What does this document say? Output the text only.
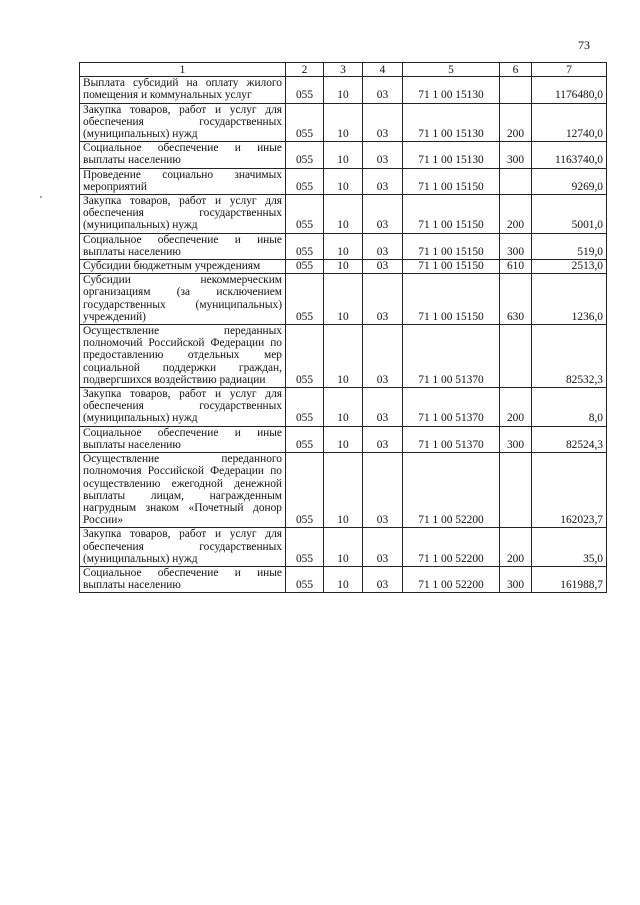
73
1	2	3	4	5	6	7
Выплата субсидий на оплату жилого помещения и коммунальных услуг	055	10	03	71 1 00 15130		1176480,0
Закупка товаров, работ и услуг для обеспечения государственных (муниципальных) нужд	055	10	03	71 1 00 15130	200	12740,0
Социальное обеспечение и иные выплаты населению	055	10	03	71 1 00 15130	300	1163740,0
Проведение социально значимых мероприятий	055	10	03	71 1 00 15150		9269,0
Закупка товаров, работ и услуг для обеспечения государственных (муниципальных) нужд	055	10	03	71 1 00 15150	200	5001,0
Социальное обеспечение и иные выплаты населению	055	10	03	71 1 00 15150	300	519,0
Субсидии бюджетным учреждениям	055	10	03	71 1 00 15150	610	2513,0
Субсидии некоммерческим организациям (за исключением государственных (муниципальных) учреждений)	055	10	03	71 1 00 15150	630	1236,0
Осуществление переданных полномочий Российской Федерации по предоставлению отдельных мер социальной поддержки граждан, подвергшихся воздействию радиации	055	10	03	71 1 00 51370		82532,3
Закупка товаров, работ и услуг для обеспечения государственных (муниципальных) нужд	055	10	03	71 1 00 51370	200	8,0
Социальное обеспечение и иные выплаты населению	055	10	03	71 1 00 51370	300	82524,3
Осуществление переданного полномочия Российской Федерации по осуществлению ежегодной денежной выплаты лицам, награжденным нагрудным знаком «Почетный донор России»	055	10	03	71 1 00 52200		162023,7
Закупка товаров, работ и услуг для обеспечения государственных (муниципальных) нужд	055	10	03	71 1 00 52200	200	35,0
Социальное обеспечение и иные выплаты населению	055	10	03	71 1 00 52200	300	161988,7
